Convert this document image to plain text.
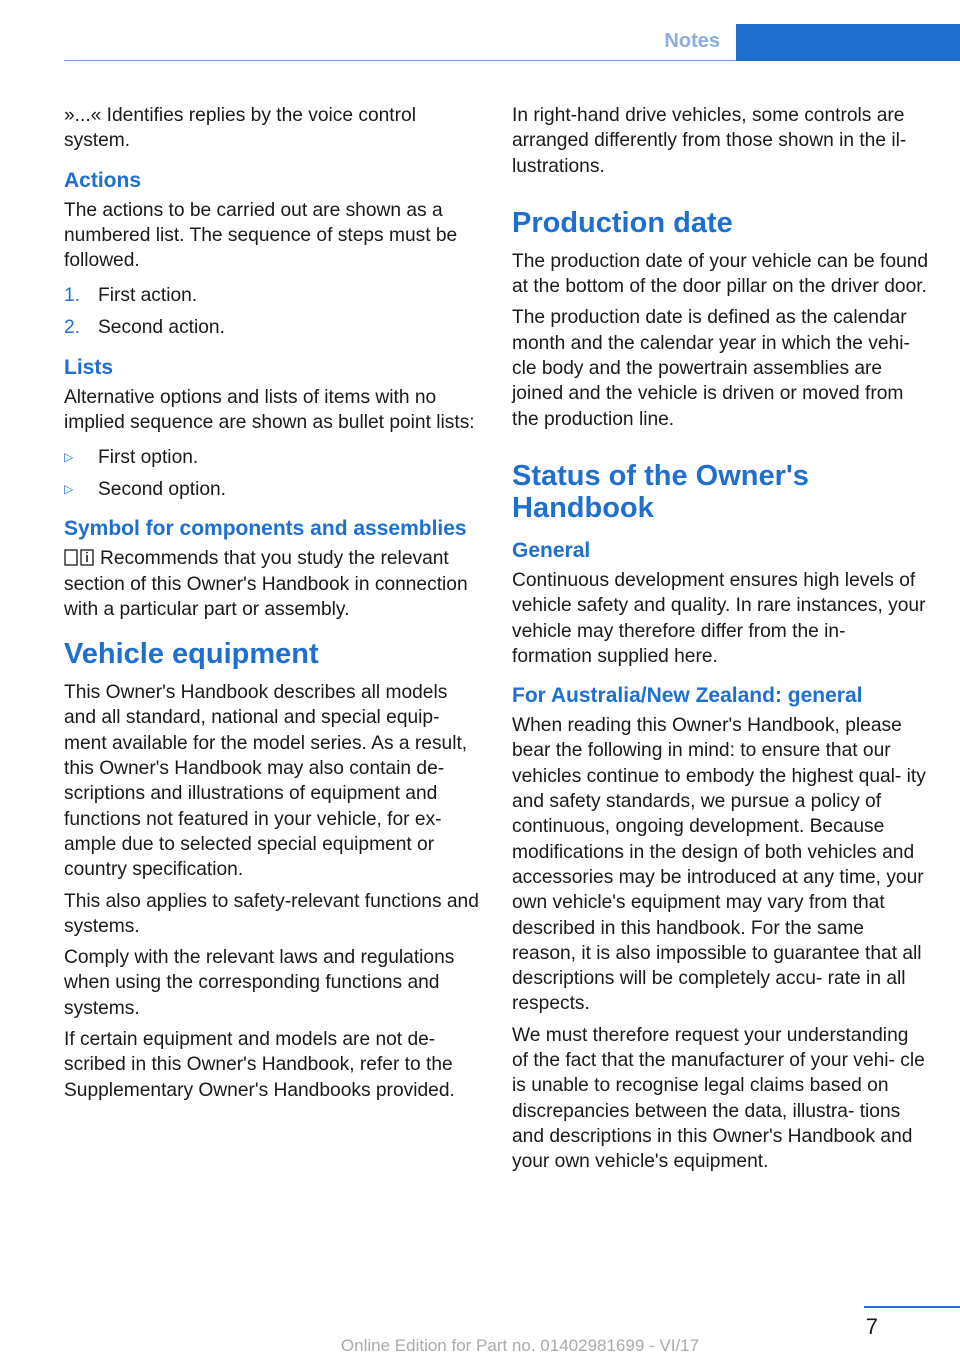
Notes

»...« Identifies replies by the voice control system.

Actions

The actions to be carried out are shown as a numbered list. The sequence of steps must be followed.

1. First action.
2. Second action.
Lists

Alternative options and lists of items with no implied sequence are shown as bullet point lists:

▷ First option.
▷ Second option.
Symbol for components and assemblies

Recommends that you study the relevant section of this Owner's Handbook in connection with a particular part or assembly.

Vehicle equipment

This Owner's Handbook describes all models and all standard, national and special equip‐ ment available for the model series. As a result, this Owner's Handbook may also contain de‐ scriptions and illustrations of equipment and functions not featured in your vehicle, for ex‐ ample due to selected special equipment or country specification.

This also applies to safety-relevant functions and systems.

Comply with the relevant laws and regulations when using the corresponding functions and systems.

If certain equipment and models are not de‐ scribed in this Owner's Handbook, refer to the Supplementary Owner's Handbooks provided.

In right-hand drive vehicles, some controls are arranged differently from those shown in the il‐ lustrations.

Production date

The production date of your vehicle can be found at the bottom of the door pillar on the driver door.

The production date is defined as the calendar month and the calendar year in which the vehi‐ cle body and the powertrain assemblies are joined and the vehicle is driven or moved from the production line.

Status of the Owner's Handbook
General

Continuous development ensures high levels of vehicle safety and quality. In rare instances, your vehicle may therefore differ from the in‐ formation supplied here.

For Australia/New Zealand: general

When reading this Owner's Handbook, please bear the following in mind: to ensure that our vehicles continue to embody the highest qual‐ ity and safety standards, we pursue a policy of continuous, ongoing development. Because modifications in the design of both vehicles and accessories may be introduced at any time, your own vehicle's equipment may vary from that described in this handbook. For the same reason, it is also impossible to guarantee that all descriptions will be completely accu‐ rate in all respects.

We must therefore request your understanding of the fact that the manufacturer of your vehi‐ cle is unable to recognise legal claims based on discrepancies between the data, illustra‐ tions and descriptions in this Owner's Handbook and your own vehicle's equipment.

7
Online Edition for Part no. 01402981699 - VI/17
